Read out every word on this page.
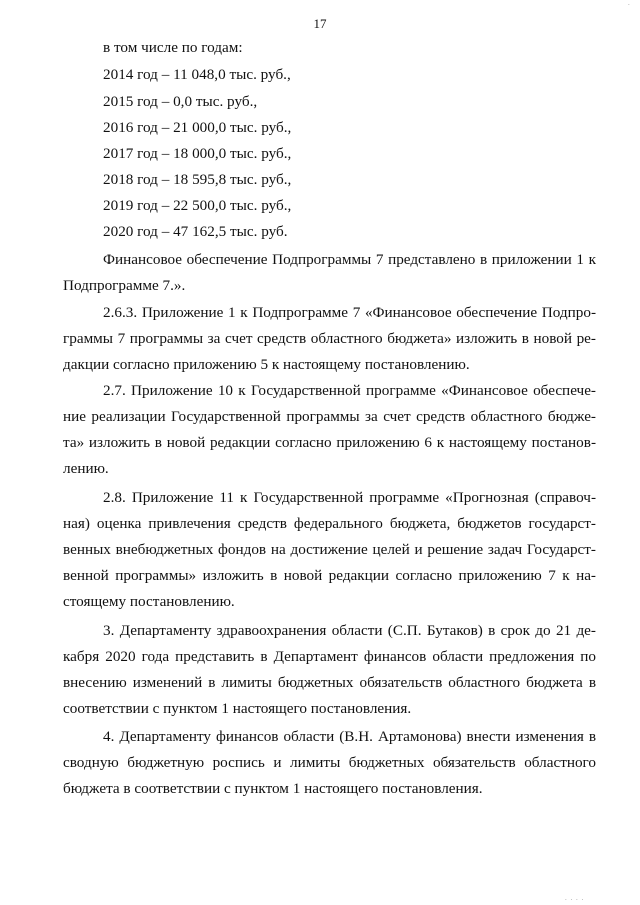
17
в том числе по годам:
2014 год – 11 048,0 тыс. руб.,
2015 год – 0,0 тыс. руб.,
2016 год – 21 000,0 тыс. руб.,
2017 год – 18 000,0 тыс. руб.,
2018 год – 18 595,8 тыс. руб.,
2019 год – 22 500,0 тыс. руб.,
2020 год – 47 162,5 тыс. руб.
Финансовое обеспечение Подпрограммы 7 представлено в приложении 1 к
Подпрограмме 7.».
2.6.3. Приложение 1 к Подпрограмме 7 «Финансовое обеспечение Подпро-
граммы 7 программы за счет средств областного бюджета» изложить в новой ре-
дакции согласно приложению 5 к настоящему постановлению.
2.7. Приложение 10 к Государственной программе «Финансовое обеспече-
ние реализации Государственной программы за счет средств областного бюдже-
та» изложить в новой редакции согласно приложению 6 к настоящему постанов-
лению.
2.8. Приложение 11 к Государственной программе «Прогнозная (справоч-
ная) оценка привлечения средств федерального бюджета, бюджетов государст-
венных внебюджетных фондов на достижение целей и решение задач Государст-
венной программы» изложить в новой редакции согласно приложению 7 к на-
стоящему постановлению.
3. Департаменту здравоохранения области (С.П. Бутаков) в срок до 21 де-
кабря 2020 года представить в Департамент финансов области предложения по
внесению изменений в лимиты бюджетных обязательств областного бюджета в
соответствии с пунктом 1 настоящего постановления.
4. Департаменту финансов области (В.Н. Артамонова) внести изменения в
сводную бюджетную роспись и лимиты бюджетных обязательств областного
бюджета в соответствии с пунктом 1 настоящего постановления.
. . . .
.
